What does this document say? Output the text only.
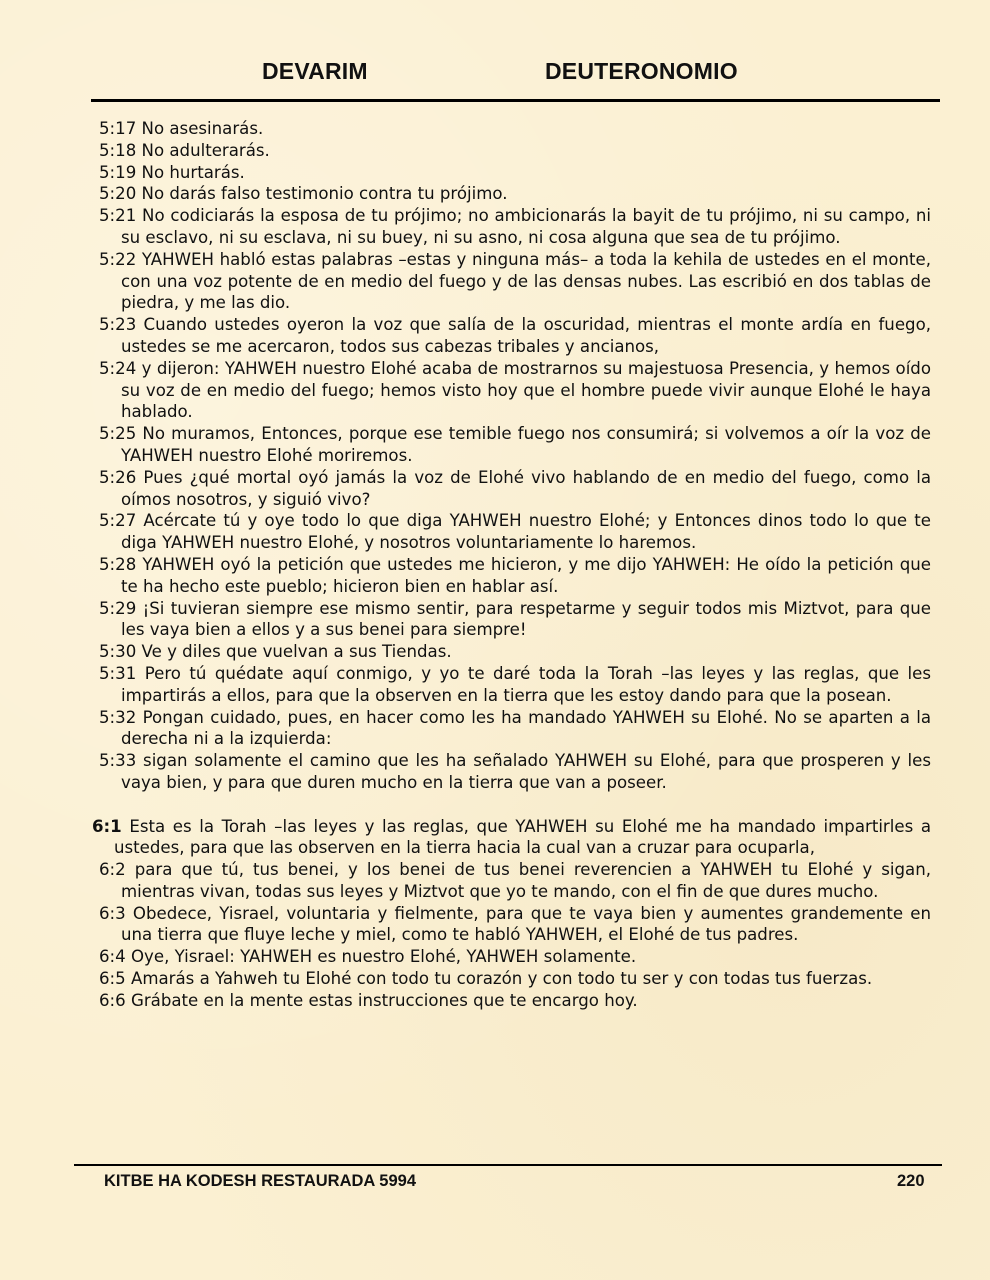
DEVARIM	DEUTERONOMIO

5:17 No asesinarás.

5:18 No adulterarás.

5:19 No hurtarás.

5:20 No darás falso testimonio contra tu prójimo.

5:21 No codiciarás la esposa de tu prójimo; no ambicionarás la bayit de tu prójimo, ni su campo, ni su esclavo, ni su esclava, ni su buey, ni su asno, ni cosa alguna que sea de tu prójimo.

5:22 YAHWEH habló estas palabras –estas y ninguna más– a toda la kehila de ustedes en el monte, con una voz potente de en medio del fuego y de las densas nubes. Las escribió en dos tablas de piedra, y me las dio.

5:23 Cuando ustedes oyeron la voz que salía de la oscuridad, mientras el monte ardía en fuego, ustedes se me acercaron, todos sus cabezas tribales y ancianos,

5:24 y dijeron: YAHWEH nuestro Elohé acaba de mostrarnos su majestuosa Presencia, y hemos oído su voz de en medio del fuego; hemos visto hoy que el hombre puede vivir aunque Elohé le haya hablado.

5:25 No muramos, Entonces, porque ese temible fuego nos consumirá; si volvemos a oír la voz de YAHWEH nuestro Elohé moriremos.

5:26 Pues ¿qué mortal oyó jamás la voz de Elohé vivo hablando de en medio del fuego, como la oímos nosotros, y siguió vivo?

5:27 Acércate tú y oye todo lo que diga YAHWEH nuestro Elohé; y Entonces dinos todo lo que te diga YAHWEH nuestro Elohé, y nosotros voluntariamente lo haremos.

5:28 YAHWEH oyó la petición que ustedes me hicieron, y me dijo YAHWEH: He oído la petición que te ha hecho este pueblo; hicieron bien en hablar así.

5:29 ¡Si tuvieran siempre ese mismo sentir, para respetarme y seguir todos mis Miztvot, para que les vaya bien a ellos y a sus benei para siempre!

5:30 Ve y diles que vuelvan a sus Tiendas.

5:31 Pero tú quédate aquí conmigo, y yo te daré toda la Torah –las leyes y las reglas, que les impartirás a ellos, para que la observen en la tierra que les estoy dando para que la posean.

5:32 Pongan cuidado, pues, en hacer como les ha mandado YAHWEH su Elohé. No se aparten a la derecha ni a la izquierda:

5:33 sigan solamente el camino que les ha señalado YAHWEH su Elohé, para que prosperen y les vaya bien, y para que duren mucho en la tierra que van a poseer.

6:1 Esta es la Torah –las leyes y las reglas, que YAHWEH su Elohé me ha mandado impartirles a ustedes, para que las observen en la tierra hacia la cual van a cruzar para ocuparla,

6:2 para que tú, tus benei, y los benei de tus benei reverencien a YAHWEH tu Elohé y sigan, mientras vivan, todas sus leyes y Miztvot que yo te mando, con el fin de que dures mucho.

6:3 Obedece, Yisrael, voluntaria y fielmente, para que te vaya bien y aumentes grandemente en una tierra que fluye leche y miel, como te habló YAHWEH, el Elohé de tus padres.

6:4 Oye, Yisrael: YAHWEH es nuestro Elohé, YAHWEH solamente.

6:5 Amarás a Yahweh tu Elohé con todo tu corazón y con todo tu ser y con todas tus fuerzas.

6:6 Grábate en la mente estas instrucciones que te encargo hoy.

KITBE HA KODESH RESTAURADA 5994	220
